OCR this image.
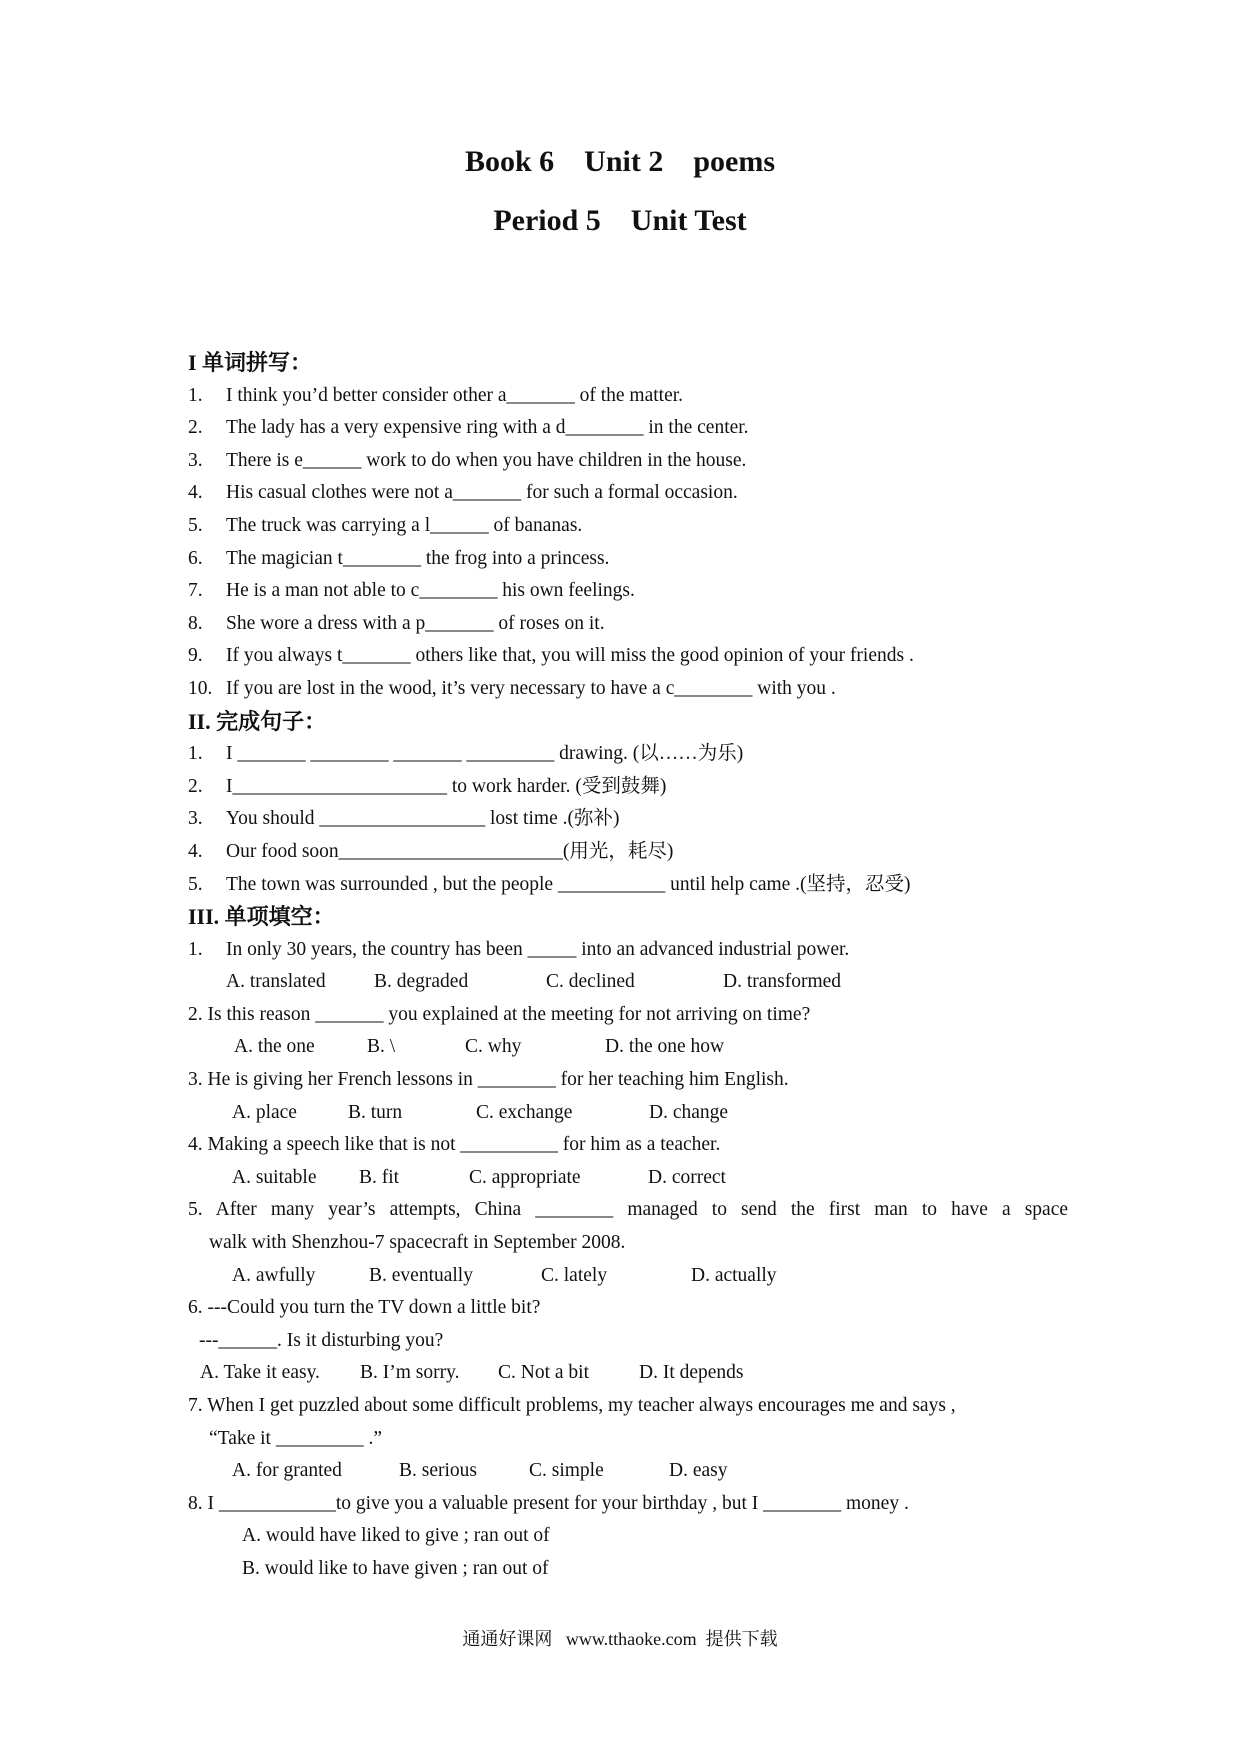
Book 6    Unit 2    poems
Period 5    Unit Test
I 单词拼写：
1.	I think you’d better consider other a_______ of the matter.
2.	The lady has a very expensive ring with a d________ in the center.
3.	There is e______ work to do when you have children in the house.
4.	His casual clothes were not a_______ for such a formal occasion.
5.	The truck was carrying a l______ of bananas.
6.	The magician t________ the frog into a princess.
7.	He is a man not able to c________ his own feelings.
8.	She wore a dress with a p_______ of roses on it.
9.	If you always t_______ others like that, you will miss the good opinion of your friends .
10. If you are lost in the wood, it’s very necessary to have a c________ with you .
II. 完成句子：
1.	I _______ ________ _______ _________ drawing. (以……为乐)
2.	I______________________ to work harder. (受到鼓舞)
3.	You should _________________ lost time .(弥补)
4.	Our food soon_______________________(用光，耗尽)
5.	The town was surrounded , but the people ___________ until help came .(坚持，忍受)
III. 单项填空：
1.	In only 30 years, the country has been _____ into an advanced industrial power.
A. translated	B. degraded	C. declined	D. transformed
2. Is this reason _______ you explained at the meeting for not arriving on time?
A. the one	B. \	C. why	D. the one how
3. He is giving her French lessons in ________ for her teaching him English.
A. place	B. turn	C. exchange	D. change
4. Making a speech like that is not __________ for him as a teacher.
A. suitable	B. fit	C. appropriate	D. correct
5. After many year’s attempts, China ________ managed to send the first man to have a space
walk with Shenzhou-7 spacecraft in September 2008.
A. awfully	B. eventually	C. lately	D. actually
6. ---Could you turn the TV down a little bit?
---______. Is it disturbing you?
A. Take it easy.	B. I’m sorry.	C. Not a bit	D. It depends
7. When I get puzzled about some difficult problems, my teacher always encourages me and says ,
“Take it _________ .”
A. for granted	B. serious	C. simple	D. easy
8. I ____________to give you a valuable present for your birthday , but I ________ money .
A. would have liked to give ; ran out of
B. would like to have given ; ran out of
通通好课网   www.tthaoke.com  提供下载
